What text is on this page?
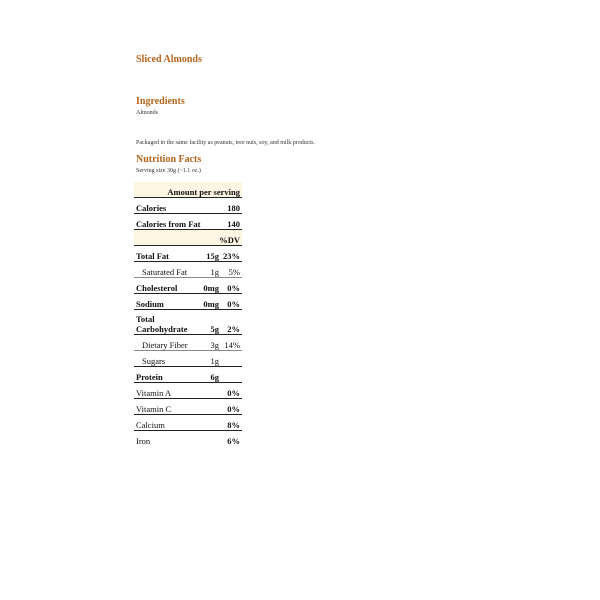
Sliced Almonds
Ingredients
Almonds
Packaged in the same facility as peanuts, tree nuts, soy, and milk products.
Nutrition Facts
Serving size 30g (~1.1 oz.)
Amount per serving		
Calories		180
Calories from Fat		140
%DV		
Total Fat	15g	23%
Saturated Fat	1g	5%
Cholesterol	0mg	0%
Sodium	0mg	0%
Total Carbohydrate	5g	2%
Dietary Fiber	3g	14%
Sugars	1g	
Protein	6g	
Vitamin A		0%
Vitamin C		0%
Calcium		8%
Iron		6%
